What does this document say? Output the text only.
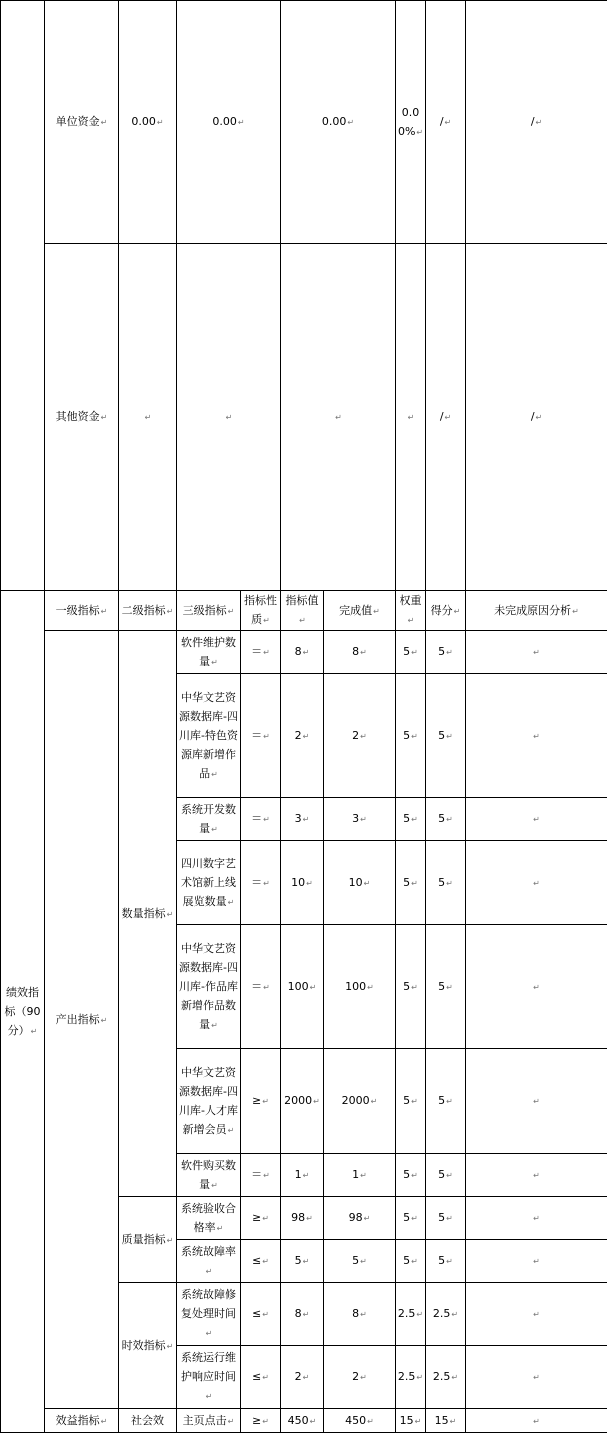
	单位资金 ↵	0.00 ↵	0.00 ↵		0.00 ↵		0.00% ↵	/ ↵	/ ↵	
	其他资金 ↵	↵	↵	↵	↵			/ ↵	/ ↵
绩效指标（90分） ↵	一级指标 ↵	二级指标 ↵	三级指标 ↵	指标性质 ↵	指标值 ↵	完成值 ↵	权重 ↵	得分 ↵	未完成原因分析 ↵
	产出指标 ↵	数量指标 ↵	软件维护数量 ↵	＝ ↵	8 ↵	8 ↵	5 ↵	5 ↵	↵	
			中华文艺资源数据库-四川库-特色资源库新增作品 ↵	＝ ↵	2 ↵	2 ↵	5 ↵	5 ↵	↵	
			系统开发数量 ↵	＝ ↵	3 ↵	3 ↵	5 ↵	5 ↵	↵	
			四川数字艺术馆新上线展览数量 ↵	＝ ↵	10 ↵	10 ↵	5 ↵	5 ↵	↵	
			中华文艺资源数据库-四川库-作品库新增作品数量 ↵	＝ ↵	100 ↵	100 ↵	5 ↵	5 ↵	↵	
			中华文艺资源数据库-四川库-人才库新增会员 ↵	≥ ↵	2000 ↵	2000 ↵	5 ↵	5 ↵	↵	
			软件购买数量 ↵	＝ ↵	1 ↵	1 ↵	5 ↵	5 ↵	↵	
		质量指标 ↵	系统验收合格率 ↵	≥ ↵	98 ↵	98 ↵	5 ↵	5 ↵	↵	
			系统故障率 ↵	≤ ↵	5 ↵	5 ↵	5 ↵	5 ↵	↵	
		时效指标 ↵	系统故障修复处理时间 ↵	≤ ↵	8 ↵	8 ↵	2.5 ↵	2.5 ↵	↵	
			系统运行维护响应时间 ↵	≤ ↵	2 ↵	2 ↵	2.5 ↵	2.5 ↵	↵	
	效益指标 ↵	社会效	主页点击 ↵	≥ ↵	450 ↵	450 ↵	15 ↵	15 ↵	↵	
